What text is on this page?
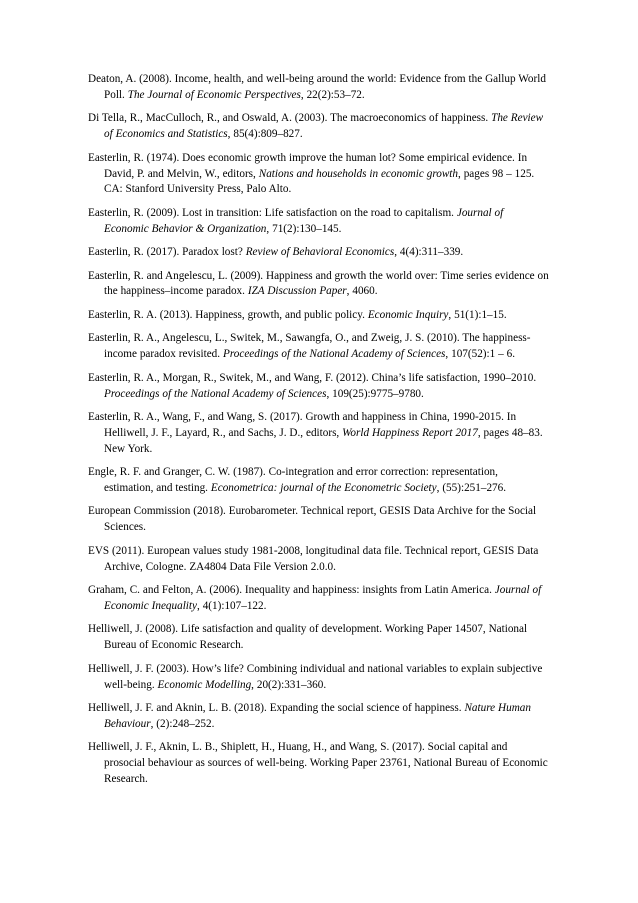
Deaton, A. (2008). Income, health, and well-being around the world: Evidence from the Gallup World Poll. The Journal of Economic Perspectives, 22(2):53–72.

Di Tella, R., MacCulloch, R., and Oswald, A. (2003). The macroeconomics of happiness. The Review of Economics and Statistics, 85(4):809–827.

Easterlin, R. (1974). Does economic growth improve the human lot? Some empirical evidence. In David, P. and Melvin, W., editors, Nations and households in economic growth, pages 98 – 125. CA: Stanford University Press, Palo Alto.

Easterlin, R. (2009). Lost in transition: Life satisfaction on the road to capitalism. Journal of Economic Behavior & Organization, 71(2):130–145.

Easterlin, R. (2017). Paradox lost? Review of Behavioral Economics, 4(4):311–339.

Easterlin, R. and Angelescu, L. (2009). Happiness and growth the world over: Time series evidence on the happiness–income paradox. IZA Discussion Paper, 4060.

Easterlin, R. A. (2013). Happiness, growth, and public policy. Economic Inquiry, 51(1):1–15.

Easterlin, R. A., Angelescu, L., Switek, M., Sawangfa, O., and Zweig, J. S. (2010). The happiness-income paradox revisited. Proceedings of the National Academy of Sciences, 107(52):1 – 6.

Easterlin, R. A., Morgan, R., Switek, M., and Wang, F. (2012). China’s life satisfaction, 1990–2010. Proceedings of the National Academy of Sciences, 109(25):9775–9780.

Easterlin, R. A., Wang, F., and Wang, S. (2017). Growth and happiness in China, 1990-2015. In Helliwell, J. F., Layard, R., and Sachs, J. D., editors, World Happiness Report 2017, pages 48–83. New York.

Engle, R. F. and Granger, C. W. (1987). Co-integration and error correction: representation, estimation, and testing. Econometrica: journal of the Econometric Society, (55):251–276.

European Commission (2018). Eurobarometer. Technical report, GESIS Data Archive for the Social Sciences.

EVS (2011). European values study 1981-2008, longitudinal data file. Technical report, GESIS Data Archive, Cologne. ZA4804 Data File Version 2.0.0.

Graham, C. and Felton, A. (2006). Inequality and happiness: insights from Latin America. Journal of Economic Inequality, 4(1):107–122.

Helliwell, J. (2008). Life satisfaction and quality of development. Working Paper 14507, National Bureau of Economic Research.

Helliwell, J. F. (2003). How’s life? Combining individual and national variables to explain subjective well-being. Economic Modelling, 20(2):331–360.

Helliwell, J. F. and Aknin, L. B. (2018). Expanding the social science of happiness. Nature Human Behaviour, (2):248–252.

Helliwell, J. F., Aknin, L. B., Shiplett, H., Huang, H., and Wang, S. (2017). Social capital and prosocial behaviour as sources of well-being. Working Paper 23761, National Bureau of Economic Research.
